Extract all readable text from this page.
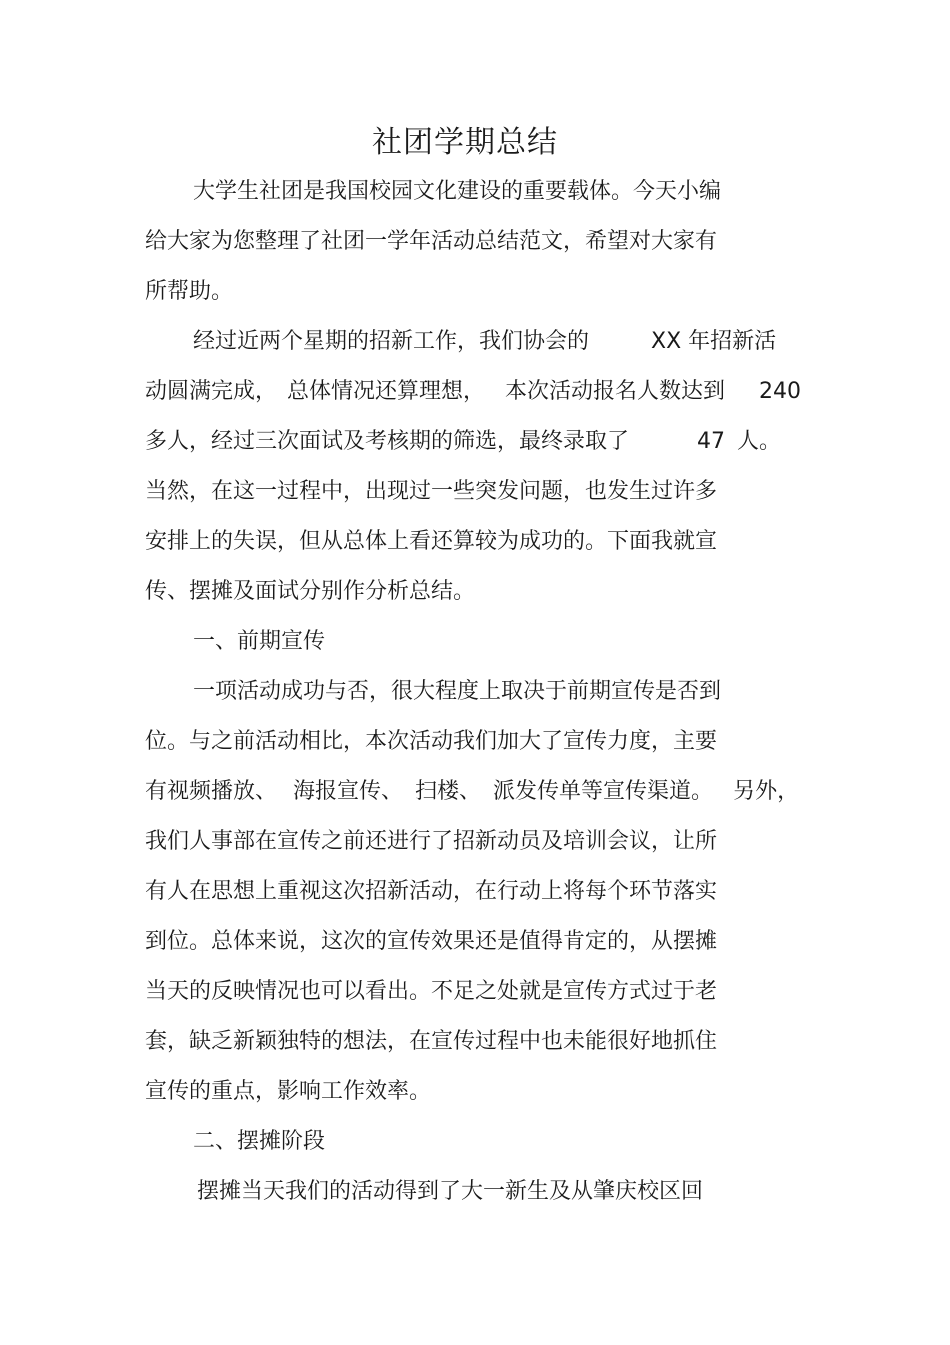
社团学期总结
大学生社团是我国校园文化建设的重要载体。今天小编
给大家为您整理了社团一学年活动总结范文，希望对大家有
所帮助。
经过近两个星期的招新工作，我们协会的	XX 年招新活
动圆满完成， 总体情况还算理想， 本次活动报名人数达到 240
多人，经过三次面试及考核期的筛选，最终录取了	47 人。
当然，在这一过程中，出现过一些突发问题，也发生过许多
安排上的失误，但从总体上看还算较为成功的。下面我就宣
传、摆摊及面试分别作分析总结。
一、前期宣传
一项活动成功与否，很大程度上取决于前期宣传是否到
位。与之前活动相比，本次活动我们加大了宣传力度，主要
有视频播放、 海报宣传、 扫楼、 派发传单等宣传渠道。 另外，
我们人事部在宣传之前还进行了招新动员及培训会议，让所
有人在思想上重视这次招新活动，在行动上将每个环节落实
到位。总体来说，这次的宣传效果还是值得肯定的，从摆摊
当天的反映情况也可以看出。不足之处就是宣传方式过于老
套，缺乏新颖独特的想法，在宣传过程中也未能很好地抓住
宣传的重点，影响工作效率。
二、摆摊阶段
摆摊当天我们的活动得到了大一新生及从肇庆校区回
